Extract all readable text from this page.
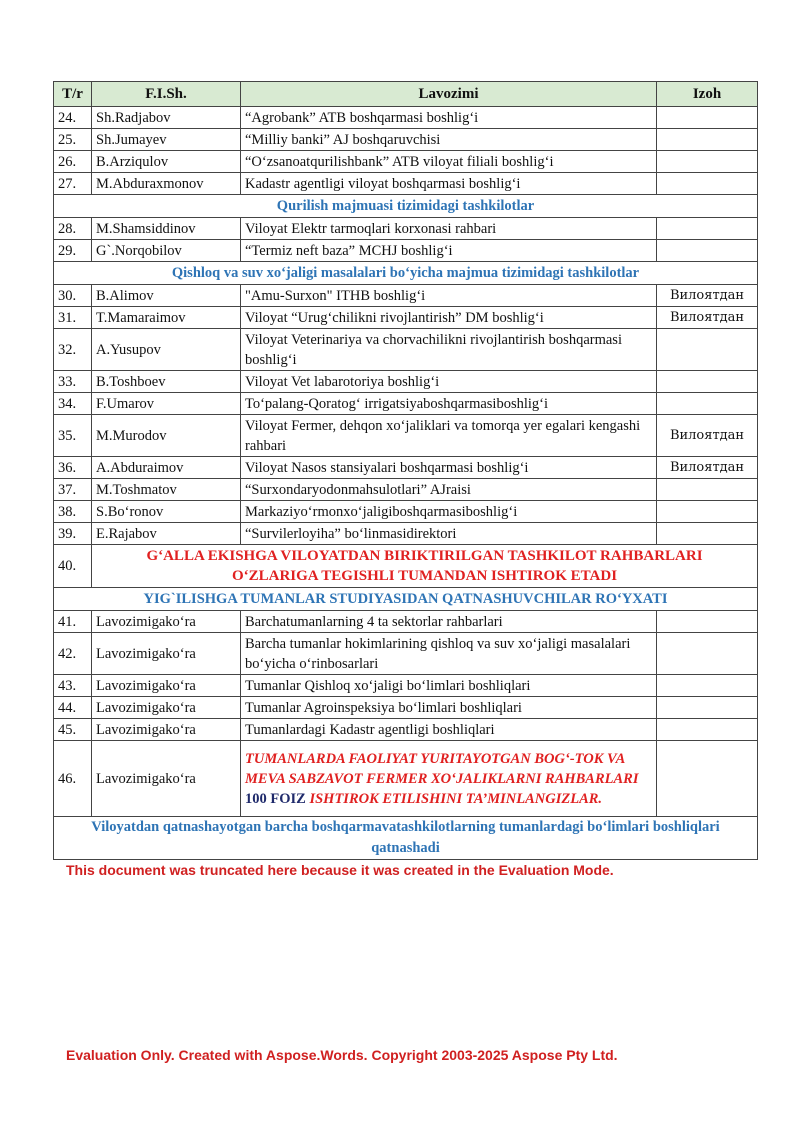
T/r	F.I.Sh.	Lavozimi	Izoh
24.	Sh.Radjabov	“Agrobank” ATB boshqarmasi boshlig‘i	
25.	Sh.Jumayev	“Milliy banki” AJ boshqaruvchisi	
26.	B.Arziqulov	“O‘zsanoatqurilishbank” ATB viloyat filiali boshlig‘i	
27.	M.Abduraxmonov	Kadastr agentligi viloyat boshqarmasi boshlig‘i	
Qurilish majmuasi tizimidagi tashkilotlar			
28.	M.Shamsiddinov	Viloyat Elektr tarmoqlari korxonasi rahbari	
29.	G`.Norqobilov	“Termiz neft baza” MCHJ boshlig‘i	
Qishloq va suv xo‘jaligi masalalari bo‘yicha majmua tizimidagi tashkilotlar			
30.	B.Alimov	"Amu-Surxon" ITHB boshlig‘i	Вилоятдан
31.	T.Mamaraimov	Viloyat “Urug‘chilikni rivojlantirish” DM boshlig‘i	Вилоятдан
32.	A.Yusupov	Viloyat Veterinariya va chorvachilikni rivojlantirish boshqarmasi boshlig‘i	
33.	B.Toshboev	Viloyat Vet labarotoriya boshlig‘i	
34.	F.Umarov	To‘palang-Qoratog‘ irrigatsiyaboshqarmasiboshlig‘i	
35.	M.Murodov	Viloyat Fermer, dehqon xo‘jaliklari va tomorqa yer egalari kengashi rahbari	Вилоятдан
36.	A.Abduraimov	Viloyat Nasos stansiyalari boshqarmasi boshlig‘i	Вилоятдан
37.	M.Toshmatov	“Surxondaryodonmahsulotlari” AJraisi	
38.	S.Bo‘ronov	Markaziyo‘rmonxo‘jaligiboshqarmasiboshlig‘i	
39.	E.Rajabov	“Survilerloyiha” bo‘linmasidirektori	
40.	G‘ALLA EKISHGA VILOYATDAN BIRIKTIRILGAN TASHKILOT RAHBARLARI
O‘ZLARIGA TEGISHLI TUMANDAN ISHTIROK ETADI		

YIG`ILISHGA TUMANLAR STUDIYASIDAN QATNASHUVCHILAR RO‘YXATI			
41.	Lavozimigako‘ra	Barchatumanlarning 4 ta sektorlar rahbarlari	
42.	Lavozimigako‘ra	Barcha tumanlar hokimlarining qishloq va suv xo‘jaligi masalalari bo‘yicha o‘rinbosarlari	
43.	Lavozimigako‘ra	Tumanlar Qishloq xo‘jaligi bo‘limlari boshliqlari	
44.	Lavozimigako‘ra	Tumanlar Agroinspeksiya bo‘limlari boshliqlari	
45.	Lavozimigako‘ra	Tumanlardagi Kadastr agentligi boshliqlari	
46.	Lavozimigako‘ra	TUMANLARDA FAOLIYAT YURITAYOTGAN BOG‘-TOK VA MEVA SABZAVOT FERMER XO‘JALIKLARNI RAHBARLARI 100 FOIZ ISHTIROK ETILISHINI TA’MINLANGIZLAR.	
Viloyatdan qatnashayotgan barcha boshqarmavatashkilotlarning tumanlardagi bo‘limlari boshliqlari qatnashadi			
This document was truncated here because it was created in the Evaluation Mode.
Evaluation Only. Created with Aspose.Words. Copyright 2003-2025 Aspose Pty Ltd.
